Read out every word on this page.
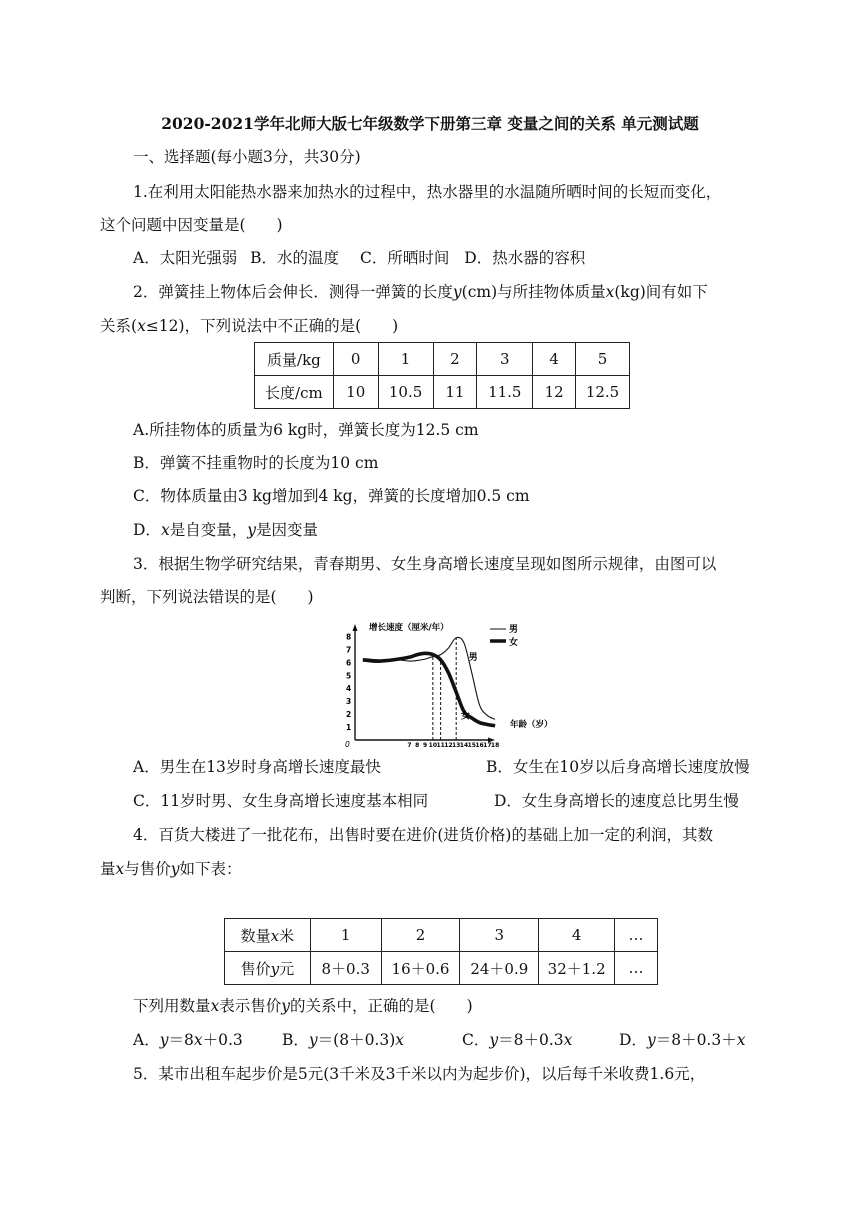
2020-2021学年北师大版七年级数学下册第三章 变量之间的关系 单元测试题
一、选择题(每小题3分，共30分)
1.在利用太阳能热水器来加热水的过程中，热水器里的水温随所晒时间的长短而变化，
这个问题中因变量是(　　)
A．太阳光强弱 B．水的温度 C．所晒时间 D．热水器的容积
2．弹簧挂上物体后会伸长．测得一弹簧的长度y(cm)与所挂物体质量x(kg)间有如下
关系(x≤12)，下列说法中不正确的是(　　)
质量/kg	0	1	2	3	4	5
长度/cm	10	10.5	11	11.5	12	12.5
A.所挂物体的质量为6 kg时，弹簧长度为12.5 cm
B．弹簧不挂重物时的长度为10 cm
C．物体质量由3 kg增加到4 kg，弹簧的长度增加0.5 cm
D．x是自变量，y是因变量
3．根据生物学研究结果，青春期男、女生身高增长速度呈现如图所示规律，由图可以
判断，下列说法错误的是(　　)
增长速度（厘米/年）
年龄（岁）
0
男
女
1
2
3
4
5
6
7
8
7 8 9 10 11 12 13 14 15 16 17 18
男
女
A．男生在13岁时身高增长速度最快	B．女生在10岁以后身高增长速度放慢
C．11岁时男、女生身高增长速度基本相同	D．女生身高增长的速度总比男生慢
4．百货大楼进了一批花布，出售时要在进价(进货价格)的基础上加一定的利润，其数
量x与售价y如下表：
数量x米	1	2	3	4	…
售价y元	8＋0.3	16＋0.6	24＋0.9	32＋1.2	…
下列用数量x表示售价y的关系中，正确的是(　　)
A．y＝8x＋0.3	B．y＝(8＋0.3)x	C．y＝8＋0.3x	D．y＝8＋0.3＋x
5．某市出租车起步价是5元(3千米及3千米以内为起步价)，以后每千米收费1.6元，
